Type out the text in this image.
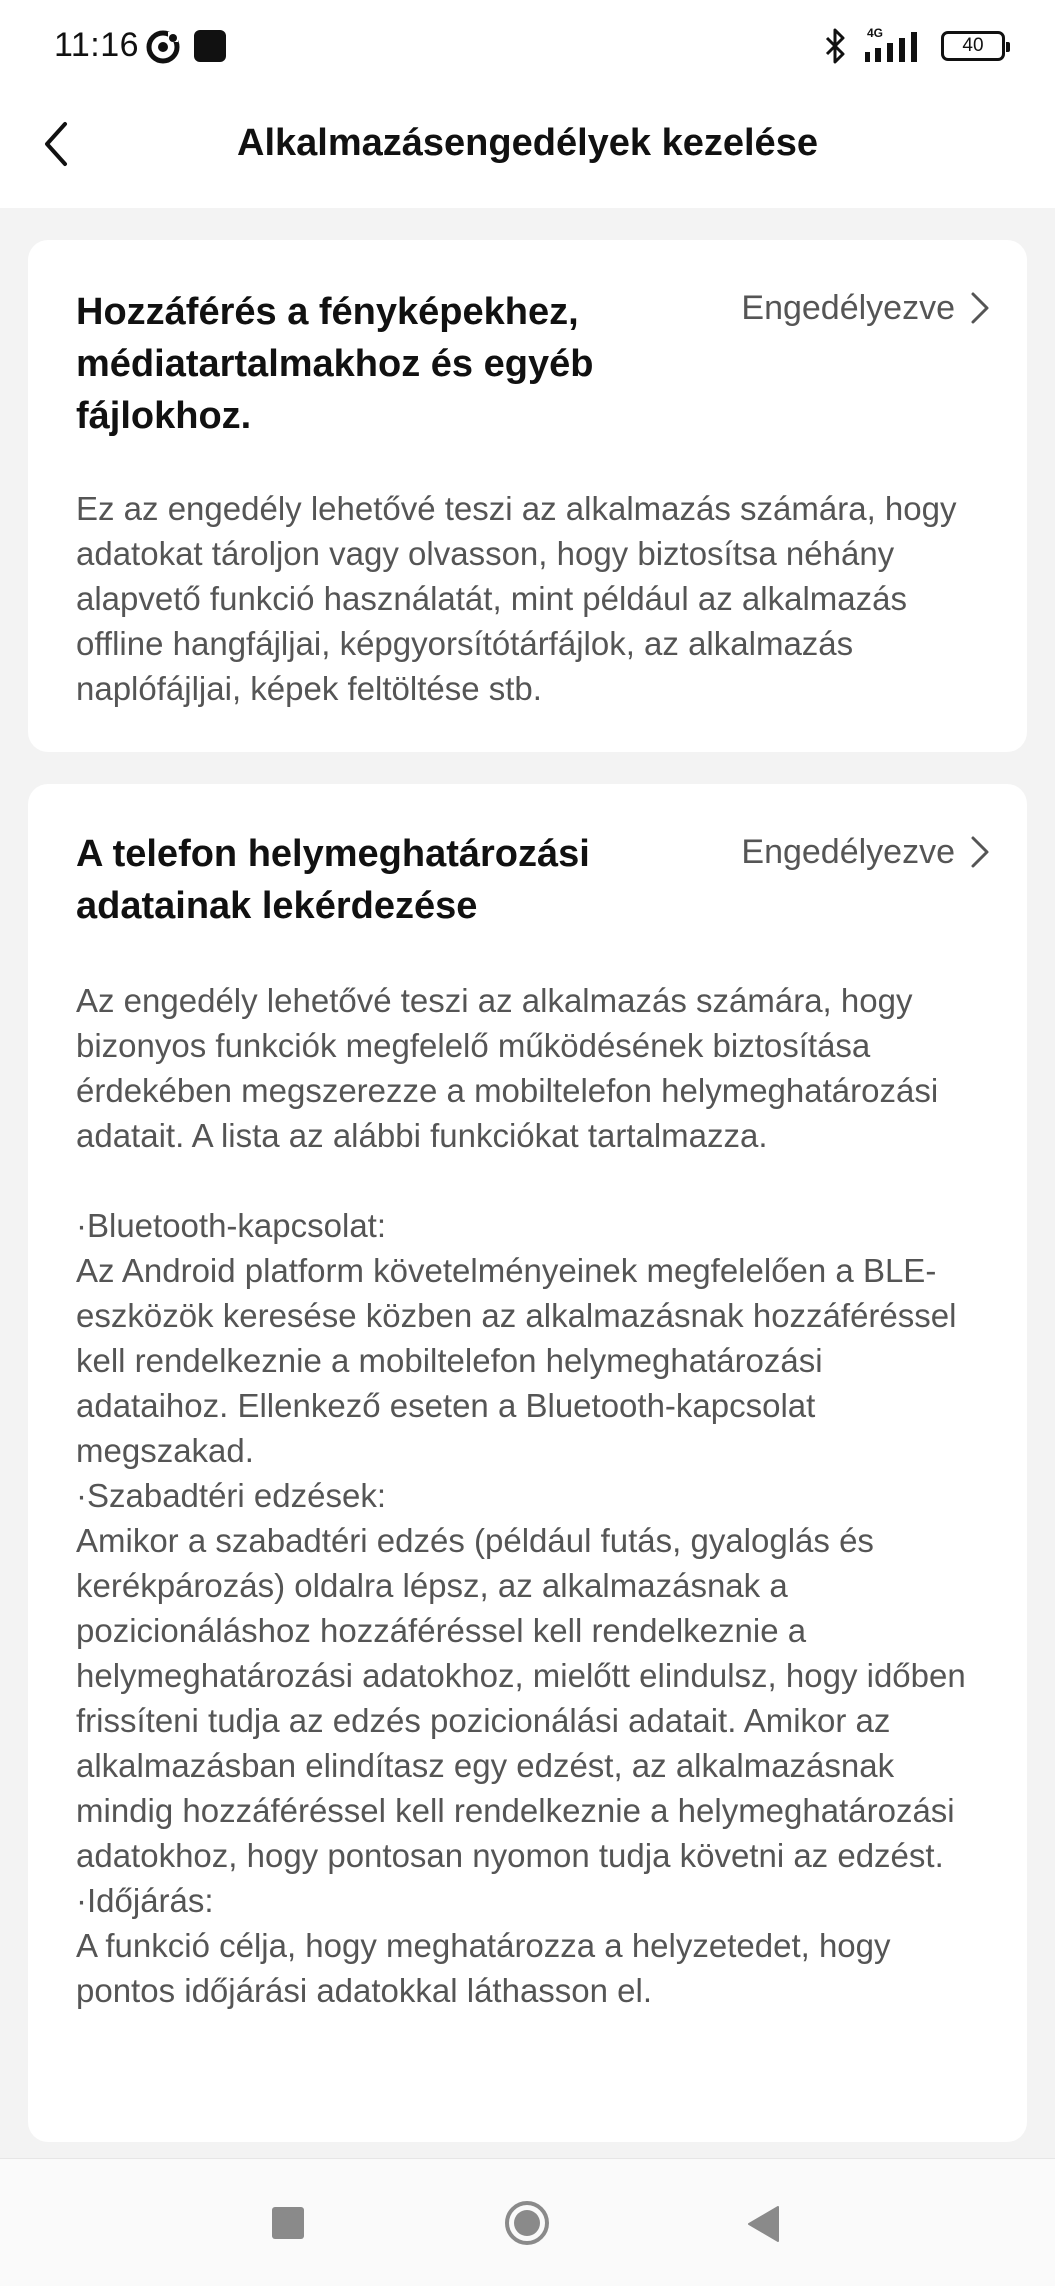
11:16	4G
40
Alkalmazásengedélyek kezelése
Hozzáférés a fényképekhez, médiatartalmakhoz és egyéb fájlokhoz.
Engedélyezve
Ez az engedély lehetővé teszi az alkalmazás számára, hogy adatokat tároljon vagy olvasson, hogy biztosítsa néhány alapvető funkció használatát, mint például az alkalmazás offline hangfájljai, képgyorsítótárfájlok, az alkalmazás naplófájljai, képek feltöltése stb.
A telefon helymeghatározási adatainak lekérdezése
Engedélyezve
Az engedély lehetővé teszi az alkalmazás számára, hogy bizonyos funkciók megfelelő működésének biztosítása érdekében megszerezze a mobiltelefon helymeghatározási adatait. A lista az alábbi funkciókat tartalmazza.

·Bluetooth-kapcsolat:
Az Android platform követelményeinek megfelelően a BLE-eszközök keresése közben az alkalmazásnak hozzáféréssel kell rendelkeznie a mobiltelefon helymeghatározási adataihoz. Ellenkező eseten a Bluetooth-kapcsolat megszakad.
·Szabadtéri edzések:
Amikor a szabadtéri edzés (például futás, gyaloglás és kerékpározás) oldalra lépsz, az alkalmazásnak a pozicionáláshoz hozzáféréssel kell rendelkeznie a helymeghatározási adatokhoz, mielőtt elindulsz, hogy időben frissíteni tudja az edzés pozicionálási adatait. Amikor az alkalmazásban elindítasz egy edzést, az alkalmazásnak mindig hozzáféréssel kell rendelkeznie a helymeghatározási adatokhoz, hogy pontosan nyomon tudja követni az edzést.
·Időjárás:
A funkció célja, hogy meghatározza a helyzetedet, hogy pontos időjárási adatokkal láthasson el.
